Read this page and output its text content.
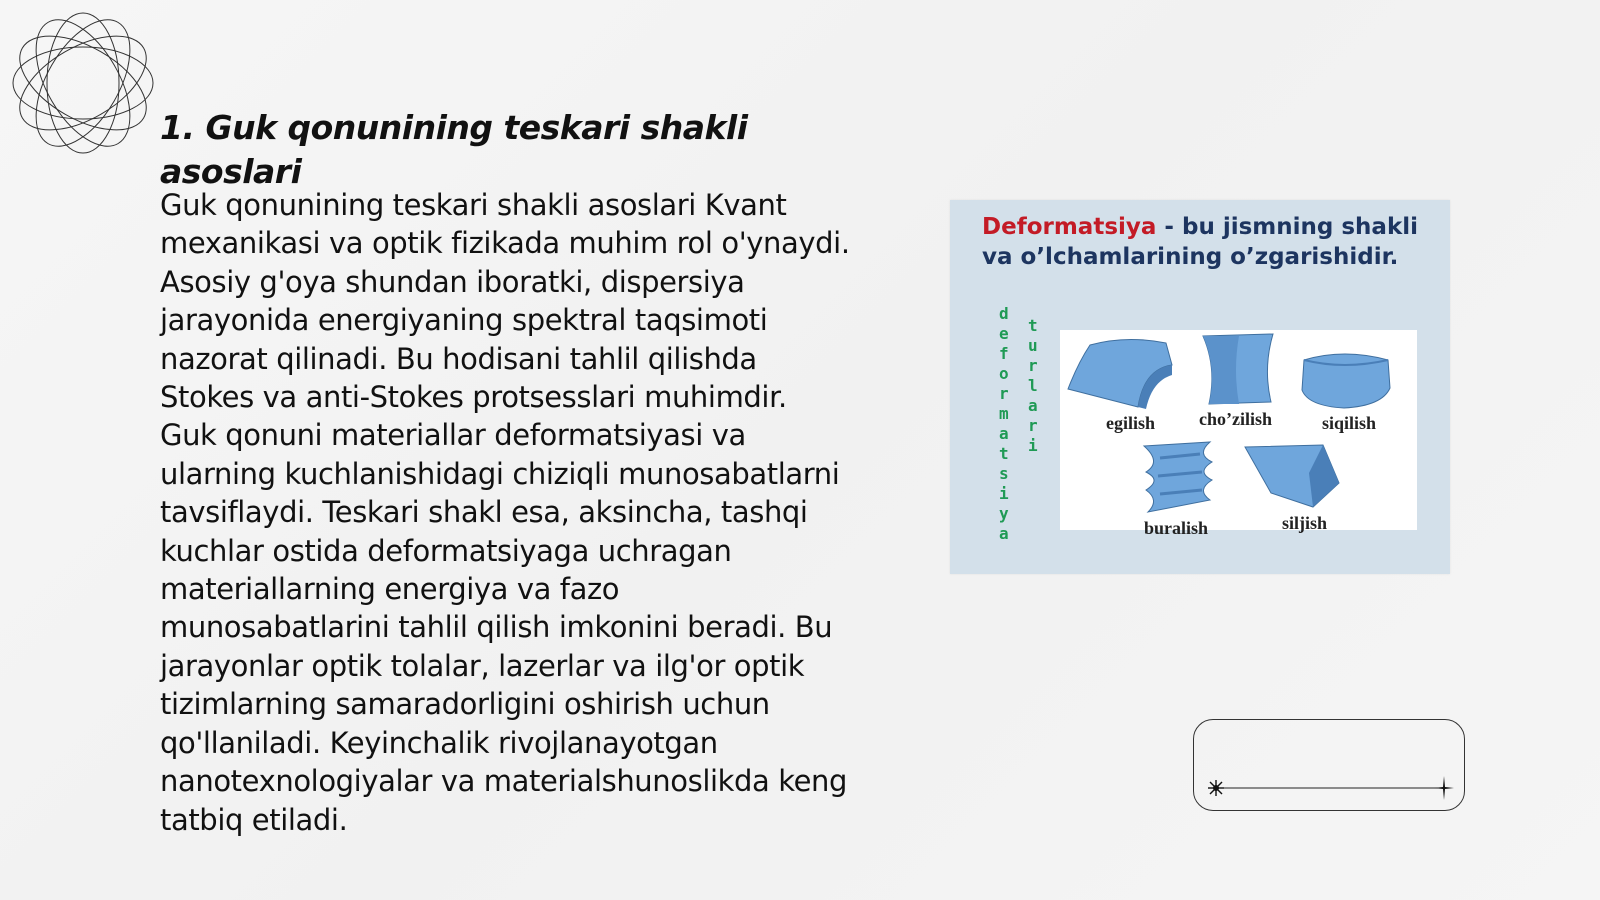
1. Guk qonunining teskari shakli asoslari

Guk qonunining teskari shakli asoslari Kvant mexanikasi va optik fizikada muhim rol o'ynaydi. Asosiy g'oya shundan iboratki, dispersiya jarayonida energiyaning spektral taqsimoti nazorat qilinadi. Bu hodisani tahlil qilishda Stokes va anti-Stokes protsesslari muhimdir. Guk qonuni materiallar deformatsiyasi va ularning kuchlanishidagi chiziqli munosabatlarni tavsiflaydi. Teskari shakl esa, aksincha, tashqi kuchlar ostida deformatsiyaga uchragan materiallarning energiya va fazo munosabatlarini tahlil qilish imkonini beradi. Bu jarayonlar optik tolalar, lazerlar va ilg'or optik tizimlarning samaradorligini oshirish uchun qo'llaniladi. Keyinchalik rivojlanayotgan nanotexnologiyalar va materialshunoslikda keng tatbiq etiladi.

Deformatsiya - bu jismning shakli va o’lchamlarining o’zgarishidir.

d
e
f
o
r
m
a
t
s
i
y
a
t
u
r
l
a
r
i
egilish cho’zilish	siqilish
buralish	siljish
